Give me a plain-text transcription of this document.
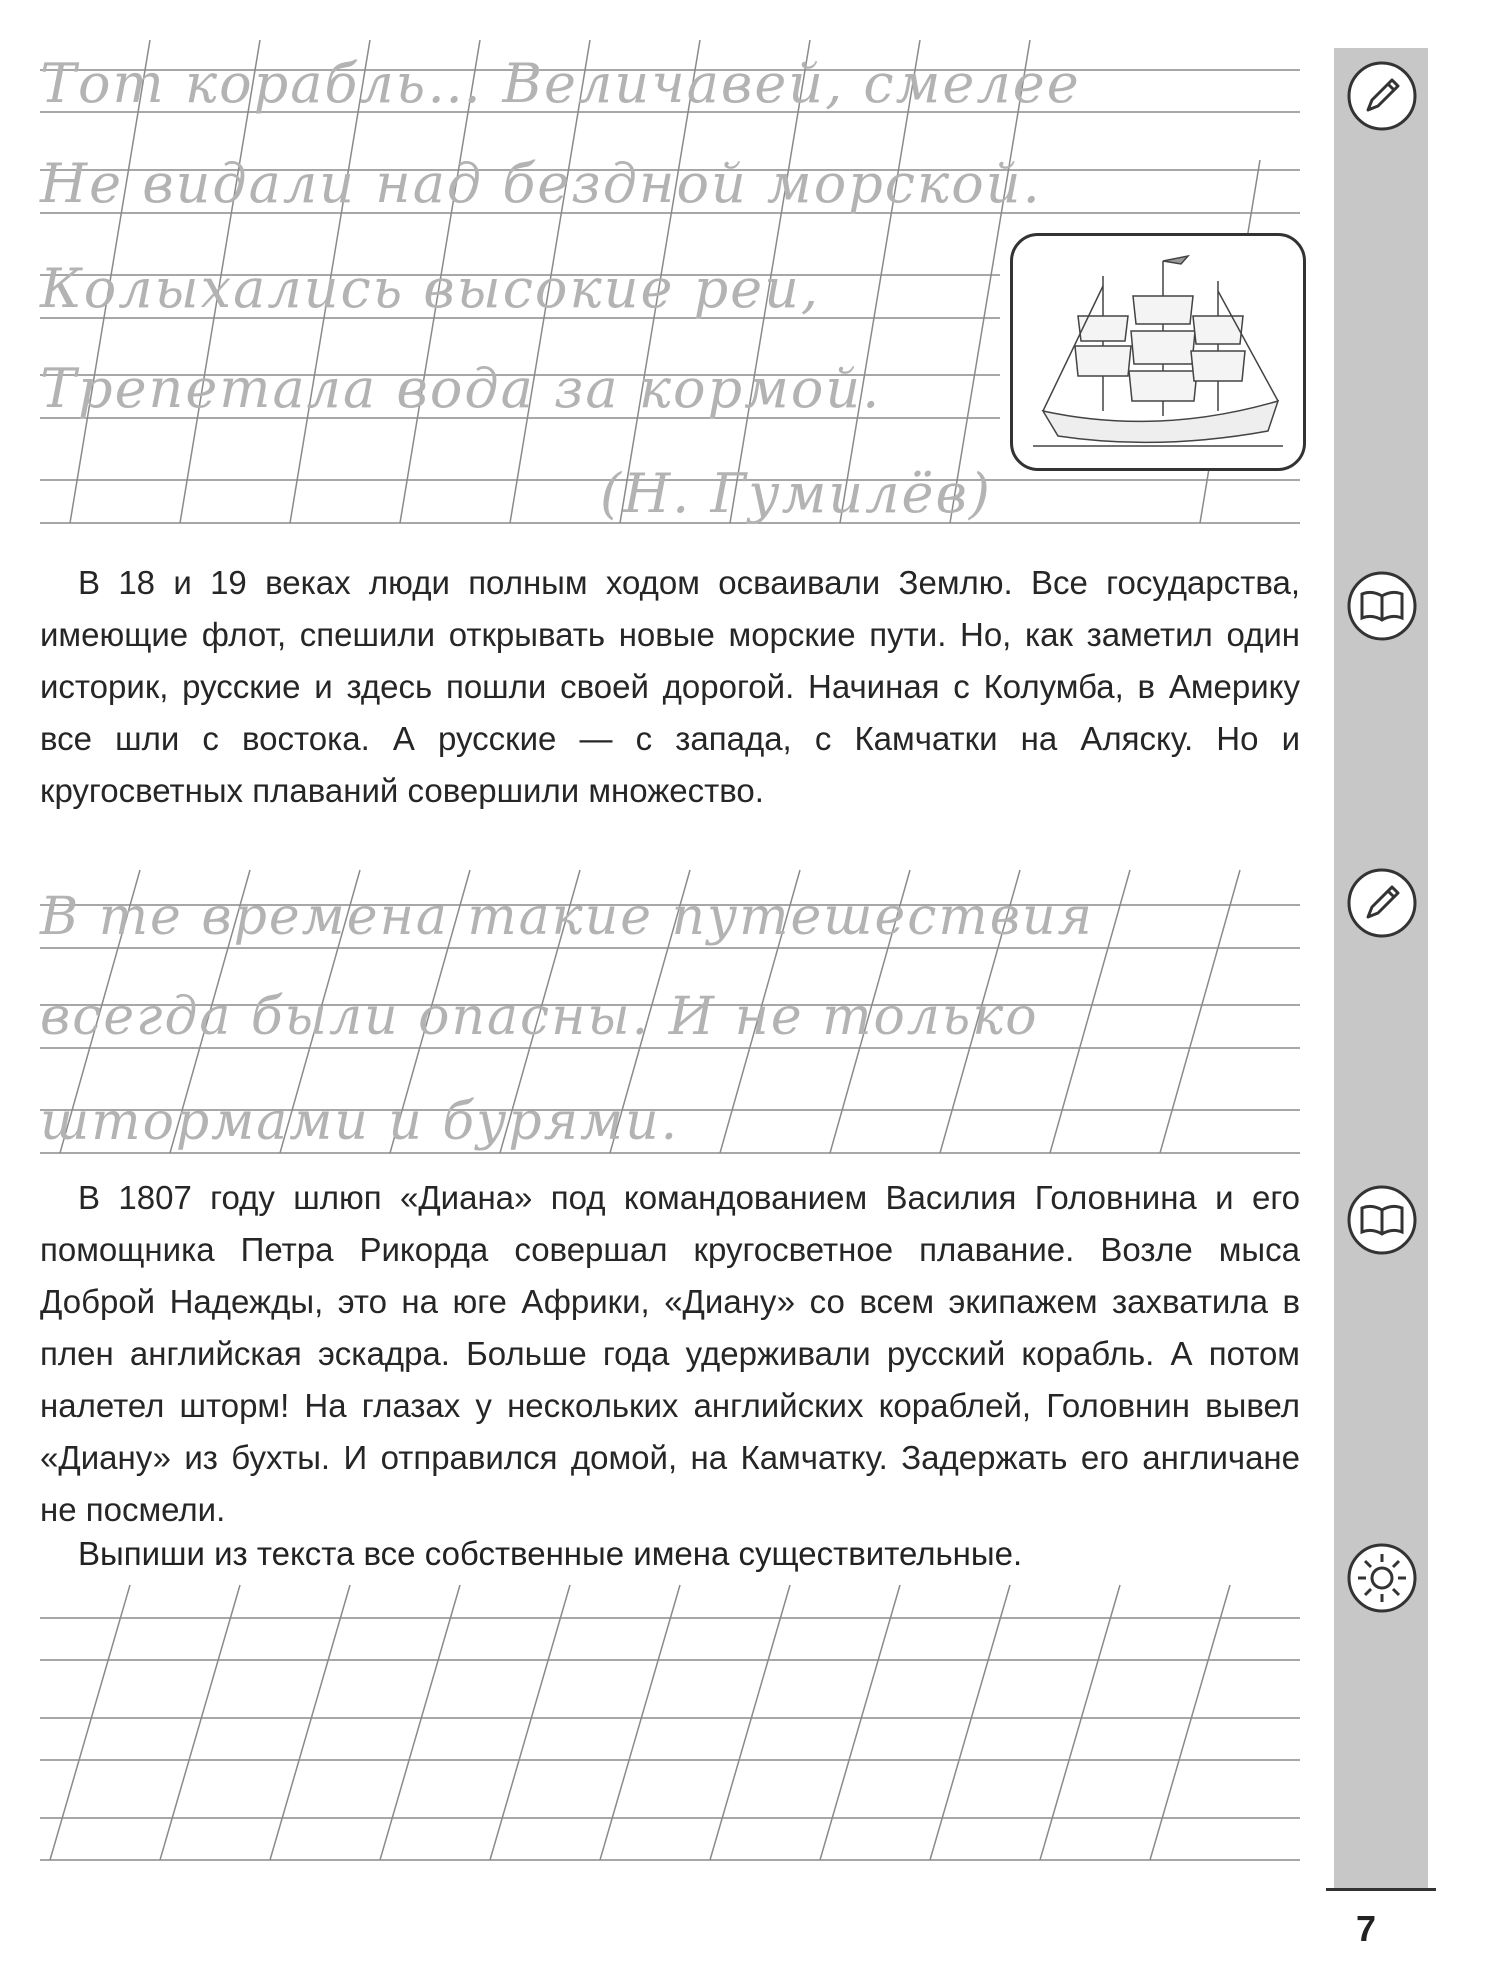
Тот корабль… Величавей, смелее
Не видали над бездной морской.
Колыхались высокие реи,
Трепетала вода за кормой.
(Н. Гумилёв)

В 18 и 19 веках люди полным ходом осваивали Землю. Все государства, имеющие флот, спешили открывать новые морские пути. Но, как заметил один историк, русские и здесь пошли своей дорогой. Начиная с Колумба, в Америку все шли с востока. А русские — с запада, с Камчатки на Аляску. Но и кругосветных плаваний совершили множество.

В те времена такие путешествия
всегда были опасны. И не только
штормами и бурями.

В 1807 году шлюп «Диана» под командованием Василия Головнина и его помощника Петра Рикорда совершал кругосветное плавание. Возле мыса Доброй Надежды, это на юге Африки, «Диану» со всем экипажем захватила в плен английская эскадра. Больше года удерживали русский корабль. А потом налетел шторм! На глазах у нескольких английских кораблей, Головнин вывел «Диану» из бухты. И отправился домой, на Камчатку. Задержать его англичане не посмели.

Выпиши из текста все собственные имена существительные.
7
